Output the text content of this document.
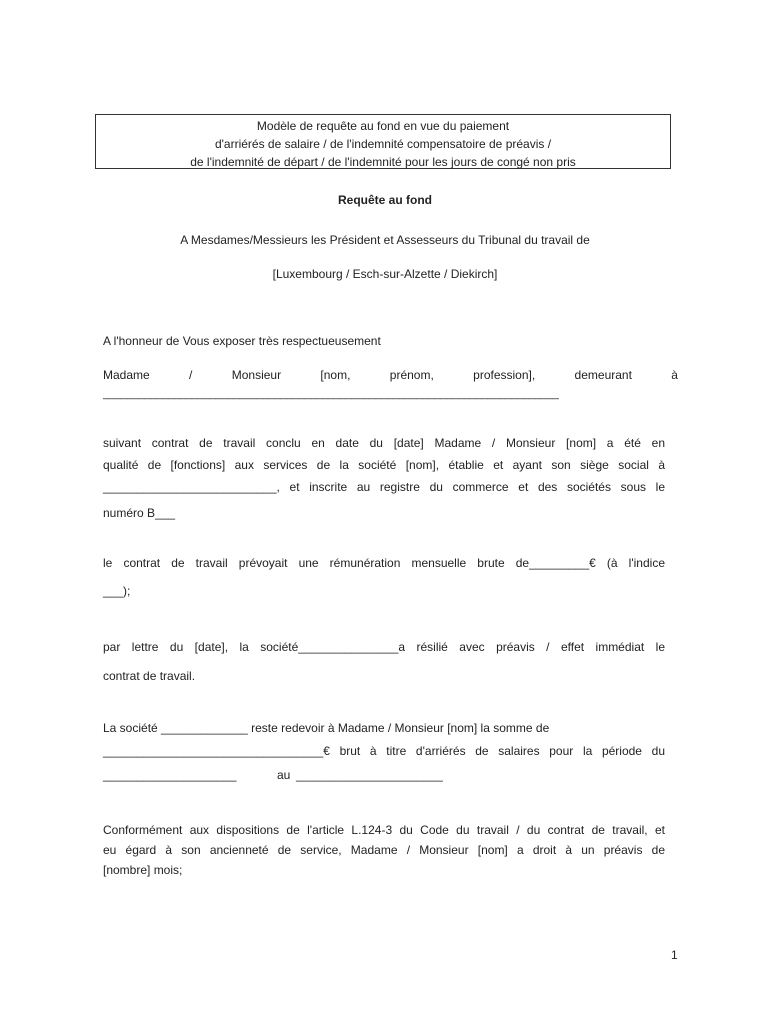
Modèle de requête au fond en vue du paiement
d'arriérés de salaire / de l'indemnité compensatoire de préavis /
de l'indemnité de départ / de l'indemnité pour les jours de congé non pris
Requête au fond
A Mesdames/Messieurs les Président et Assesseurs du Tribunal du travail de
[Luxembourg / Esch-sur-Alzette / Diekirch]
A l'honneur de Vous exposer très respectueusement
Madame	/	Monsieur	[nom,	prénom,	profession],	demeurant	à
_____________________________________________________________________________
suivant contrat de travail conclu en date du [date] Madame / Monsieur [nom] a été en
qualité de [fonctions] aux services de la société [nom], établie et ayant son siège social à
__________________________, et inscrite au registre du commerce et des sociétés sous le
numéro B___
le contrat de travail prévoyait une rémunération mensuelle brute de_________€ (à l'indice
___);
par lettre du [date], la société_______________a résilié avec préavis / effet immédiat le
contrat de travail.
La société _____________ reste redevoir à Madame / Monsieur [nom] la somme de
_________________________________€ brut à titre d'arriérés de salaires pour la période du
____________________	au ______________________
Conformément aux dispositions de l'article L.124-3 du Code du travail / du contrat de travail, et
eu égard à son ancienneté de service, Madame / Monsieur [nom] a droit à un préavis de
[nombre] mois;
1
